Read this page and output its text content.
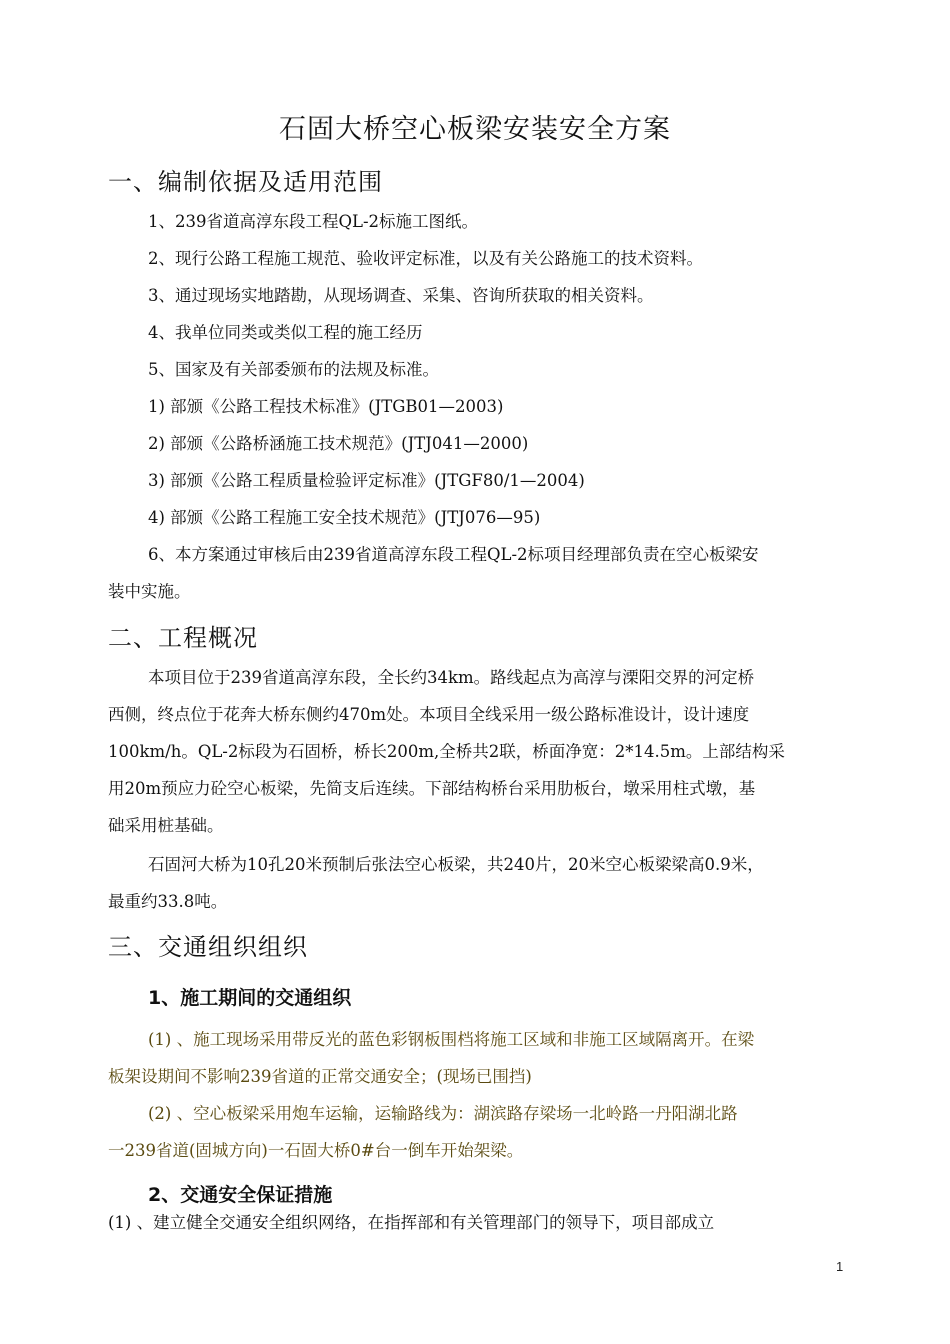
石固大桥空心板梁安装安全方案
一、编制依据及适用范围
1、239省道高淳东段工程QL-2标施工图纸。
2、现行公路工程施工规范、验收评定标准，以及有关公路施工的技术资料。
3、通过现场实地踏勘，从现场调查、采集、咨询所获取的相关资料。
4、我单位同类或类似工程的施工经历
5、国家及有关部委颁布的法规及标准。
1) 部颁《公路工程技术标准》(JTGB01—2003)
2) 部颁《公路桥涵施工技术规范》(JTJ041—2000)
3) 部颁《公路工程质量检验评定标准》(JTGF80/1—2004)
4) 部颁《公路工程施工安全技术规范》(JTJ076—95)
6、本方案通过审核后由239省道高淳东段工程QL-2标项目经理部负责在空心板梁安
装中实施。
二、工程概况
本项目位于239省道高淳东段，全长约34km。路线起点为高淳与溧阳交界的河定桥
西侧，终点位于花奔大桥东侧约470m处。本项目全线采用一级公路标准设计，设计速度
100km/h。QL-2标段为石固桥，桥长200m,全桥共2联，桥面净宽：2*14.5m。上部结构采
用20m预应力砼空心板梁，先简支后连续。下部结构桥台采用肋板台，墩采用柱式墩，基
础采用桩基础。
石固河大桥为10孔20米预制后张法空心板梁，共240片，20米空心板梁梁高0.9米，
最重约33.8吨。
三、交通组织组织
1、施工期间的交通组织
(1) 、施工现场采用带反光的蓝色彩钢板围档将施工区域和非施工区域隔离开。在梁
板架设期间不影响239省道的正常交通安全；(现场已围挡)
(2) 、空心板梁采用炮车运输，运输路线为：湖滨路存梁场一北岭路一丹阳湖北路
一239省道(固城方向)一石固大桥0#台一倒车开始架梁。
2、交通安全保证措施
(1) 、建立健全交通安全组织网络，在指挥部和有关管理部门的领导下，项目部成立
1
